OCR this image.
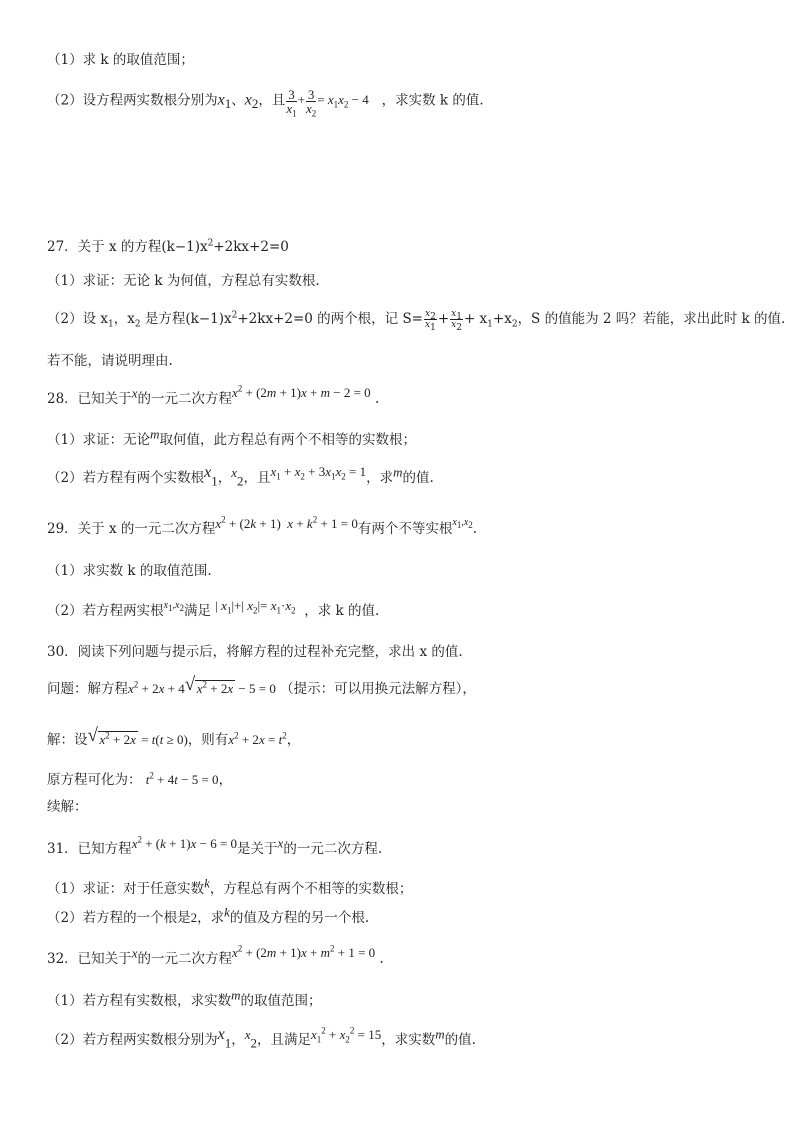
（1）求 k 的取值范围；
（2）设方程两实数根分别为$x_1$、$x_2$，且 $\frac{3}{x_1} + \frac{3}{x_2} = x_1x_2 - 4$ ，求实数 k 的值.
27．关于 x 的方程$(k-1)x^2+2kx+2=0$
（1）求证：无论 k 为何值，方程总有实数根.
（2）设 $x_1$，$x_2$ 是方程$(k-1)x^2+2kx+2=0$ 的两个根，记 $S= \frac{x_2}{x_1} + \frac{x_1}{x_2} + x_1+x_2$，S 的值能为 2 吗？若能，求出此时 k 的值.
若不能，请说明理由.
28．已知关于$^x$的一元二次方程$x^2 + (2m + 1)x + m - 2 = 0$ .
（1）求证：无论$^m$取何值，此方程总有两个不相等的实数根；
（2）若方程有两个实数根$x_1$，$x_2$，且$x_1 + x_2 + 3x_1x_2 = 1$，求$^m$的值.
29．关于 x 的一元二次方程$x^2 + (2k + 1) x + k^2 + 1 = 0$有两个不等实根$^{x_1,x_2}$.
（1）求实数 k 的取值范围.
（2）若方程两实根$^{x_1,x_2}$满足 | $x_1|+|$ $x_2|= x_1\cdot x_2$ ，求 k 的值.
30．阅读下列问题与提示后，将解方程的过程补充完整，求出 x 的值.
问题：解方程$x^2 + 2x + 4$ √ $x^2 + 2x - 5 = 0$ （提示：可以用换元法解方程），
解：设 √ $x^2 + 2x = t(t \ge 0)$，则有$x^2 + 2x = t^2$，
原方程可化为： $t^2 + 4t - 5 = 0$，
续解：
31．已知方程$x^2 + (k + 1)x - 6 = 0$是关于$^x$的一元二次方程.
（1）求证：对于任意实数$^k$，方程总有两个不相等的实数根；
（2）若方程的一个根是2，求$^k$的值及方程的另一个根.
32．已知关于$^x$的一元二次方程$x^2 + (2m + 1)x + m^2 + 1 = 0$ .
（1）若方程有实数根，求实数$^m$的取值范围；
（2）若方程两实数根分别为$x_1$，$x_2$，且满足$x_1^2 + x_2^2 = 15$，求实数$^m$的值.
